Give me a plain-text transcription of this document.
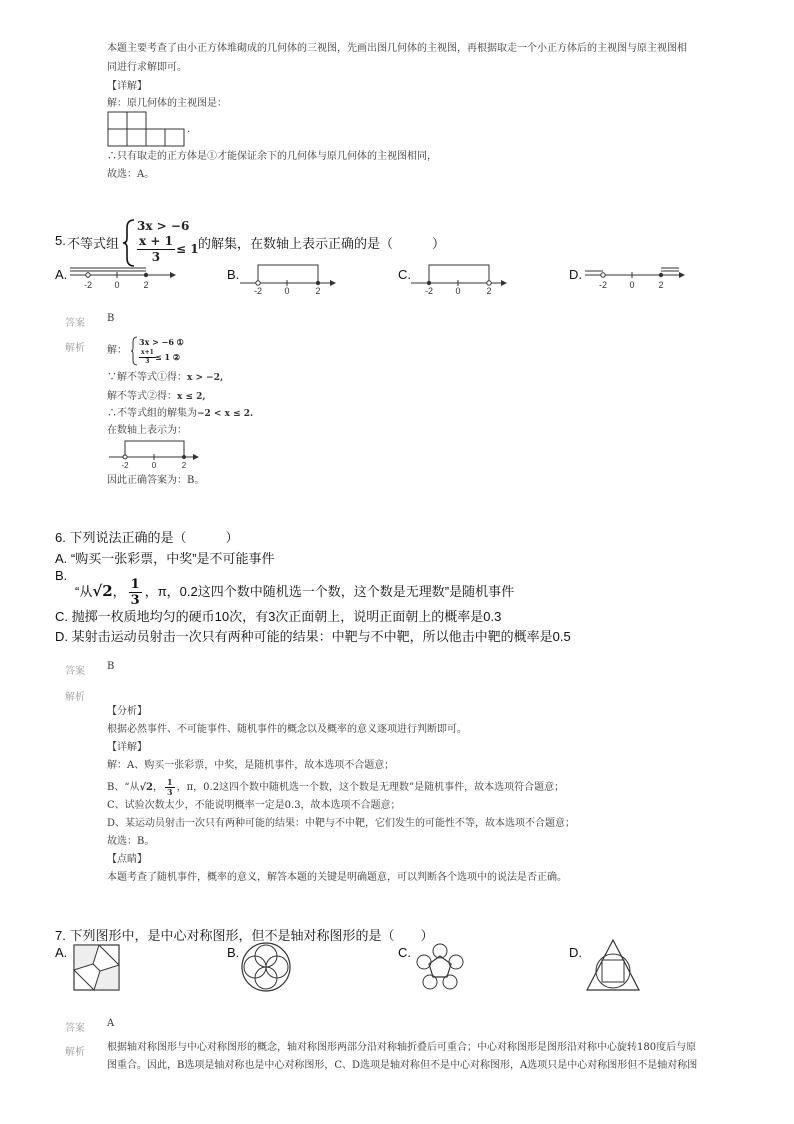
本题主要考查了由小正方体堆砌成的几何体的三视图，先画出图几何体的主视图，再根据取走一个小正方体后的主视图与原主视图相
同进行求解即可。
【详解】
解：原几何体的主视图是：
.
∴只有取走的正方体是①才能保证余下的几何体与原几何体的主视图相同，
故选：A。
5. 不等式组
3x > −6
$\frac{x + 1}{3} \le 1$ 的解集，在数轴上表示正确的是（　　　）
A.
-2 0	2
B.
-2 0	2
C.
-2 0	2
D.
-2 0	2
答案 B
解析 解：
3x > −6 ①
$\frac{x+1}{3} \le 1$ ②
∵解不等式①得：x > −2,
解不等式②得：x ≤ 2,
∴不等式组的解集为−2 < x ≤ 2.
在数轴上表示为：
-2	0	2
因此正确答案为：B。
6. 下列说法正确的是（　　　）
A. “购买一张彩票，中奖”是不可能事件
B.
“从√2， $\frac{1}{3}$ ，π，0.2这四个数中随机选一个数，这个数是无理数”是随机事件
C. 抛掷一枚质地均匀的硬币10次，有3次正面朝上，说明正面朝上的概率是0.3
D. 某射击运动员射击一次只有两种可能的结果：中靶与不中靶，所以他击中靶的概率是0.5
答案 B
解析
【分析】
根据必然事件、不可能事件、随机事件的概念以及概率的意义逐项进行判断即可。
【详解】
解：A、购买一张彩票，中奖，是随机事件，故本选项不合题意；
B、“从√2， $\frac{1}{3}$ ，π，0.2这四个数中随机选一个数，这个数是无理数”是随机事件，故本选项符合题意；
C、试验次数太少，不能说明概率一定是0.3，故本选项不合题意；
D、某运动员射击一次只有两种可能的结果：中靶与不中靶，它们发生的可能性不等，故本选项不合题意；
故选：B。
【点睛】
本题考查了随机事件，概率的意义，解答本题的关键是明确题意，可以判断各个选项中的说法是否正确。
7. 下列图形中，是中心对称图形，但不是轴对称图形的是（　　）
A.	B.	C.	D.
答案 A
解析 根据轴对称图形与中心对称图形的概念，轴对称图形两部分沿对称轴折叠后可重合；中心对称图形是图形沿对称中心旋转180度后与原
图重合。因此，B选项是轴对称也是中心对称图形，C、D选项是轴对称但不是中心对称图形，A选项只是中心对称图形但不是轴对称图
